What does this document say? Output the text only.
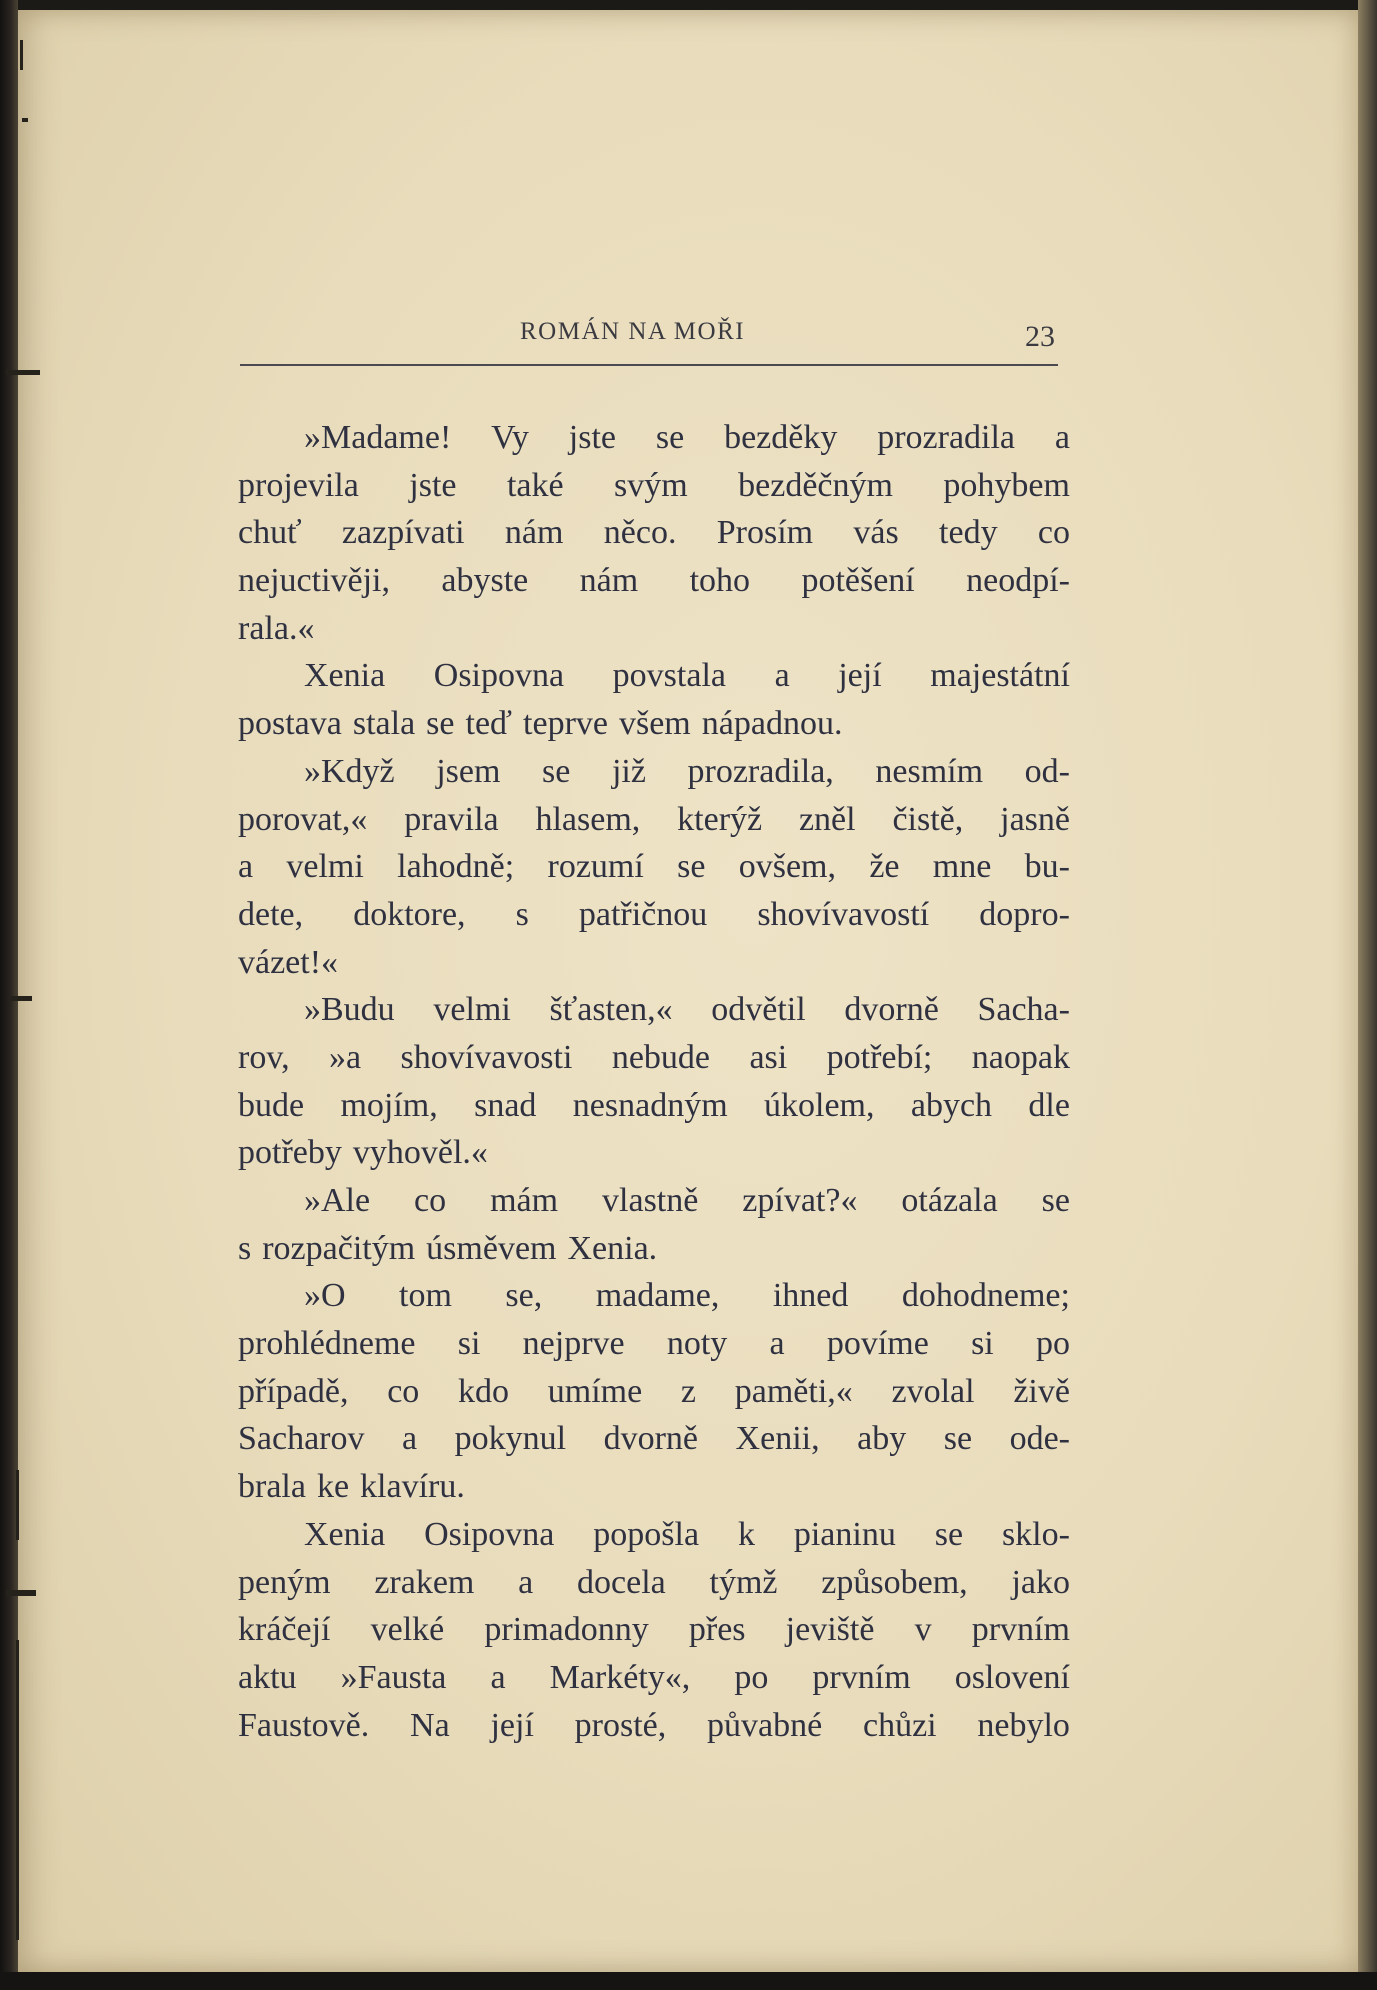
ROMÁN NA MOŘI	23
»Madame! Vy jste se bezděky prozradila a
projevila jste také svým bezděčným pohybem
chuť zazpívati nám něco. Prosím vás tedy co
nejuctivěji, abyste nám toho potěšení neodpí-
rala.«
Xenia Osipovna povstala a její majestátní
postava stala se teď teprve všem nápadnou.
»Když jsem se již prozradila, nesmím od-
porovat,« pravila hlasem, kterýž zněl čistě, jasně
a velmi lahodně; rozumí se ovšem, že mne bu-
dete, doktore, s patřičnou shovívavostí dopro-
vázet!«
»Budu velmi šťasten,« odvětil dvorně Sacha-
rov, »a shovívavosti nebude asi potřebí; naopak
bude mojím, snad nesnadným úkolem, abych dle
potřeby vyhověl.«
»Ale co mám vlastně zpívat?« otázala se
s rozpačitým úsměvem Xenia.
»O tom se, madame, ihned dohodneme;
prohlédneme si nejprve noty a povíme si po
případě, co kdo umíme z paměti,« zvolal živě
Sacharov a pokynul dvorně Xenii, aby se ode-
brala ke klavíru.
Xenia Osipovna popošla k pianinu se sklo-
peným zrakem a docela týmž způsobem, jako
kráčejí velké primadonny přes jeviště v prvním
aktu »Fausta a Markéty«, po prvním oslovení
Faustově. Na její prosté, půvabné chůzi nebylo
